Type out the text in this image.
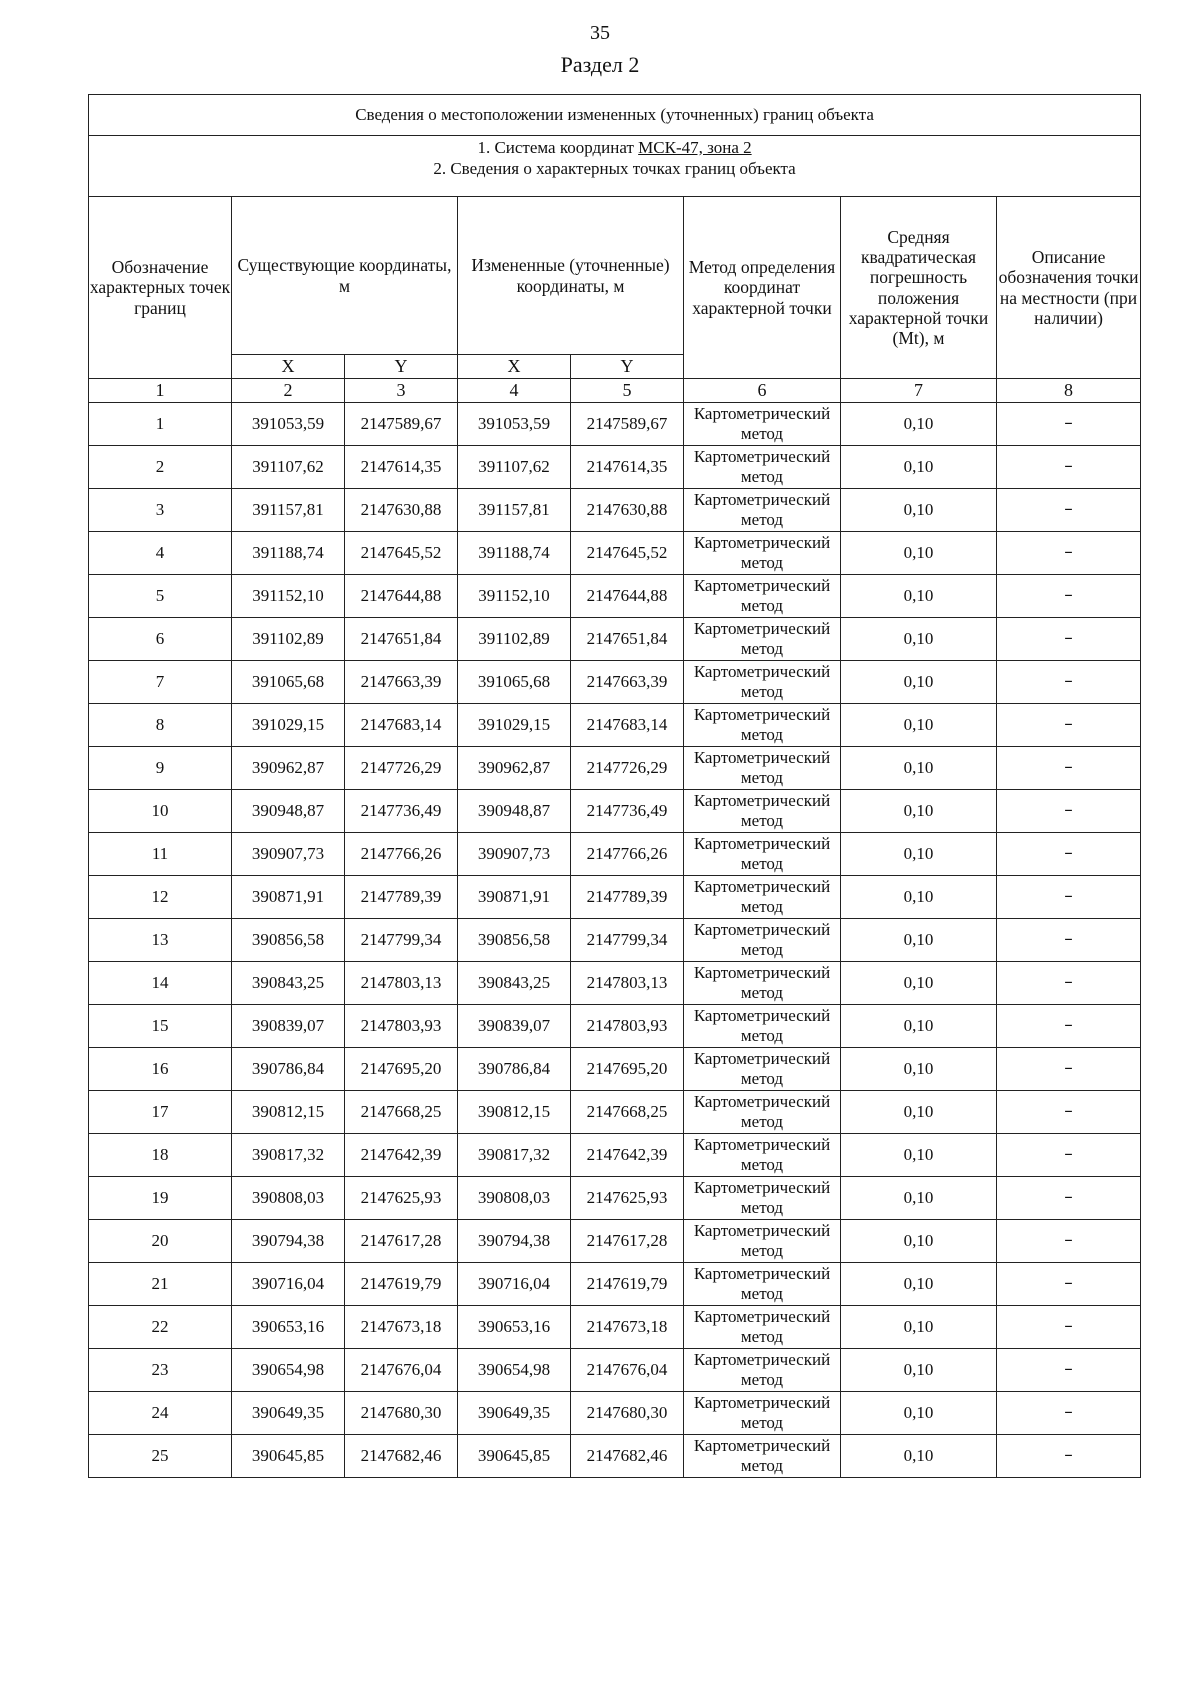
35
Раздел 2
Сведения о местоположении измененных (уточненных) границ объекта							
1. Система координат МСК-47, зона 2							
2. Сведения о характерных точках границ объекта							
Обозначение характерных точек границ	Существующие координаты, м		Измененные (уточненные) координаты, м		Метод определения координат характерной точки	Средняя квадратическая погрешность положения характерной точки (Мt), м	Описание обозначения точки на местности (при наличии)
	X	Y	X	Y			
1	2	3	4	5	6	7	8
1	391053,59	2147589,67	391053,59	2147589,67	Картометрический метод	0,10	–
2	391107,62	2147614,35	391107,62	2147614,35	Картометрический метод	0,10	–
3	391157,81	2147630,88	391157,81	2147630,88	Картометрический метод	0,10	–
4	391188,74	2147645,52	391188,74	2147645,52	Картометрический метод	0,10	–
5	391152,10	2147644,88	391152,10	2147644,88	Картометрический метод	0,10	–
6	391102,89	2147651,84	391102,89	2147651,84	Картометрический метод	0,10	–
7	391065,68	2147663,39	391065,68	2147663,39	Картометрический метод	0,10	–
8	391029,15	2147683,14	391029,15	2147683,14	Картометрический метод	0,10	–
9	390962,87	2147726,29	390962,87	2147726,29	Картометрический метод	0,10	–
10	390948,87	2147736,49	390948,87	2147736,49	Картометрический метод	0,10	–
11	390907,73	2147766,26	390907,73	2147766,26	Картометрический метод	0,10	–
12	390871,91	2147789,39	390871,91	2147789,39	Картометрический метод	0,10	–
13	390856,58	2147799,34	390856,58	2147799,34	Картометрический метод	0,10	–
14	390843,25	2147803,13	390843,25	2147803,13	Картометрический метод	0,10	–
15	390839,07	2147803,93	390839,07	2147803,93	Картометрический метод	0,10	–
16	390786,84	2147695,20	390786,84	2147695,20	Картометрический метод	0,10	–
17	390812,15	2147668,25	390812,15	2147668,25	Картометрический метод	0,10	–
18	390817,32	2147642,39	390817,32	2147642,39	Картометрический метод	0,10	–
19	390808,03	2147625,93	390808,03	2147625,93	Картометрический метод	0,10	–
20	390794,38	2147617,28	390794,38	2147617,28	Картометрический метод	0,10	–
21	390716,04	2147619,79	390716,04	2147619,79	Картометрический метод	0,10	–
22	390653,16	2147673,18	390653,16	2147673,18	Картометрический метод	0,10	–
23	390654,98	2147676,04	390654,98	2147676,04	Картометрический метод	0,10	–
24	390649,35	2147680,30	390649,35	2147680,30	Картометрический метод	0,10	–
25	390645,85	2147682,46	390645,85	2147682,46	Картометрический метод	0,10	–
